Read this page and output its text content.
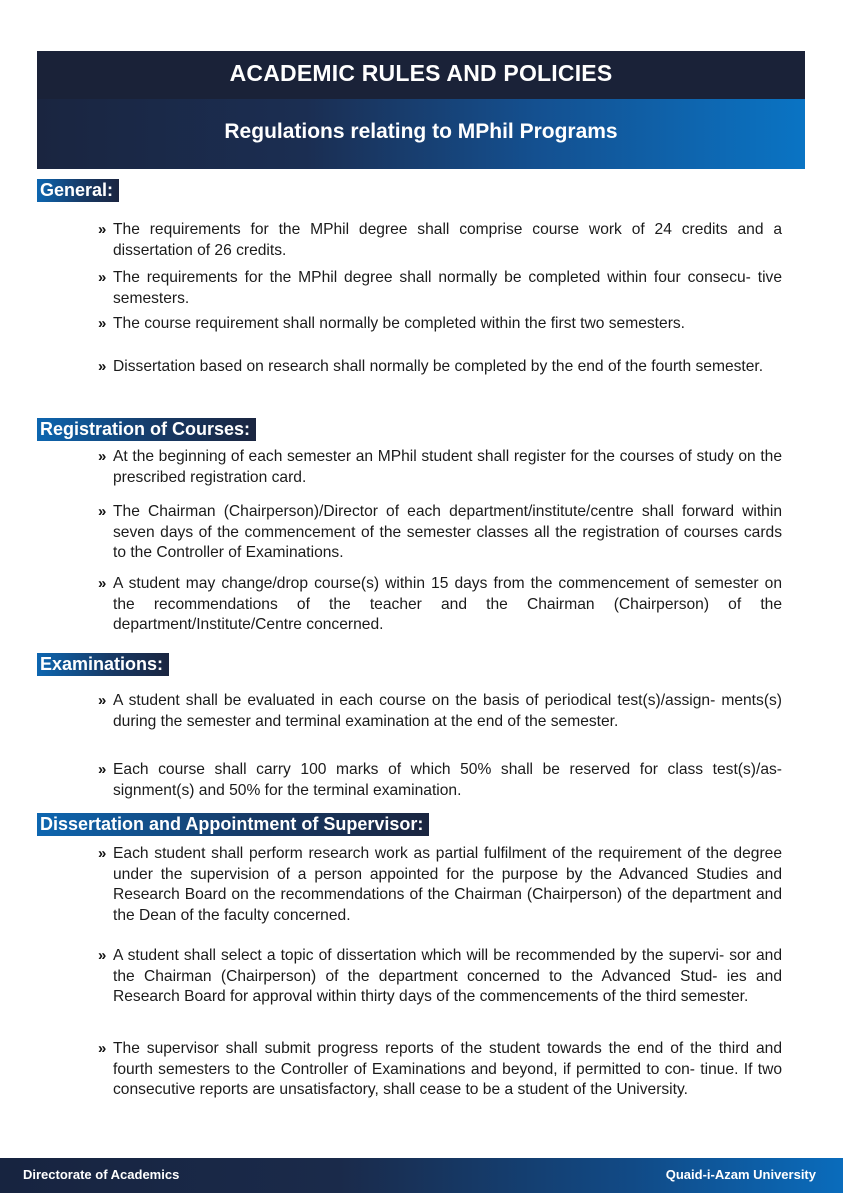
ACADEMIC RULES AND POLICIES
Regulations relating to MPhil Programs
General:
» The requirements for the MPhil degree shall comprise course work of 24 credits and a dissertation of 26 credits.
» The requirements for the MPhil degree shall normally be completed within four consecu- tive semesters.
» The course requirement shall normally be completed within the first two semesters.
» Dissertation based on research shall normally be completed by the end of the fourth semester.
Registration of Courses:
» At the beginning of each semester an MPhil student shall register for the courses of study on the prescribed registration card.
» The Chairman (Chairperson)/Director of each department/institute/centre shall forward within seven days of the commencement of the semester classes all the registration of courses cards to the Controller of Examinations.
» A student may change/drop course(s) within 15 days from the commencement of semester on the recommendations of the teacher and the Chairman (Chairperson) of the department/Institute/Centre concerned.
Examinations:
» A student shall be evaluated in each course on the basis of periodical test(s)/assign- ments(s) during the semester and terminal examination at the end of the semester.
» Each course shall carry 100 marks of which 50% shall be reserved for class test(s)/as- signment(s) and 50% for the terminal examination.
Dissertation and Appointment of Supervisor:
» Each student shall perform research work as partial fulfilment of the requirement of the degree under the supervision of a person appointed for the purpose by the Advanced Studies and Research Board on the recommendations of the Chairman (Chairperson) of the department and the Dean of the faculty concerned.
» A student shall select a topic of dissertation which will be recommended by the supervi- sor and the Chairman (Chairperson) of the department concerned to the Advanced Stud- ies and Research Board for approval within thirty days of the commencements of the third semester.
» The supervisor shall submit progress reports of the student towards the end of the third and fourth semesters to the Controller of Examinations and beyond, if permitted to con- tinue. If two consecutive reports are unsatisfactory, shall cease to be a student of the University.
Directorate of Academics	Quaid-i-Azam University
